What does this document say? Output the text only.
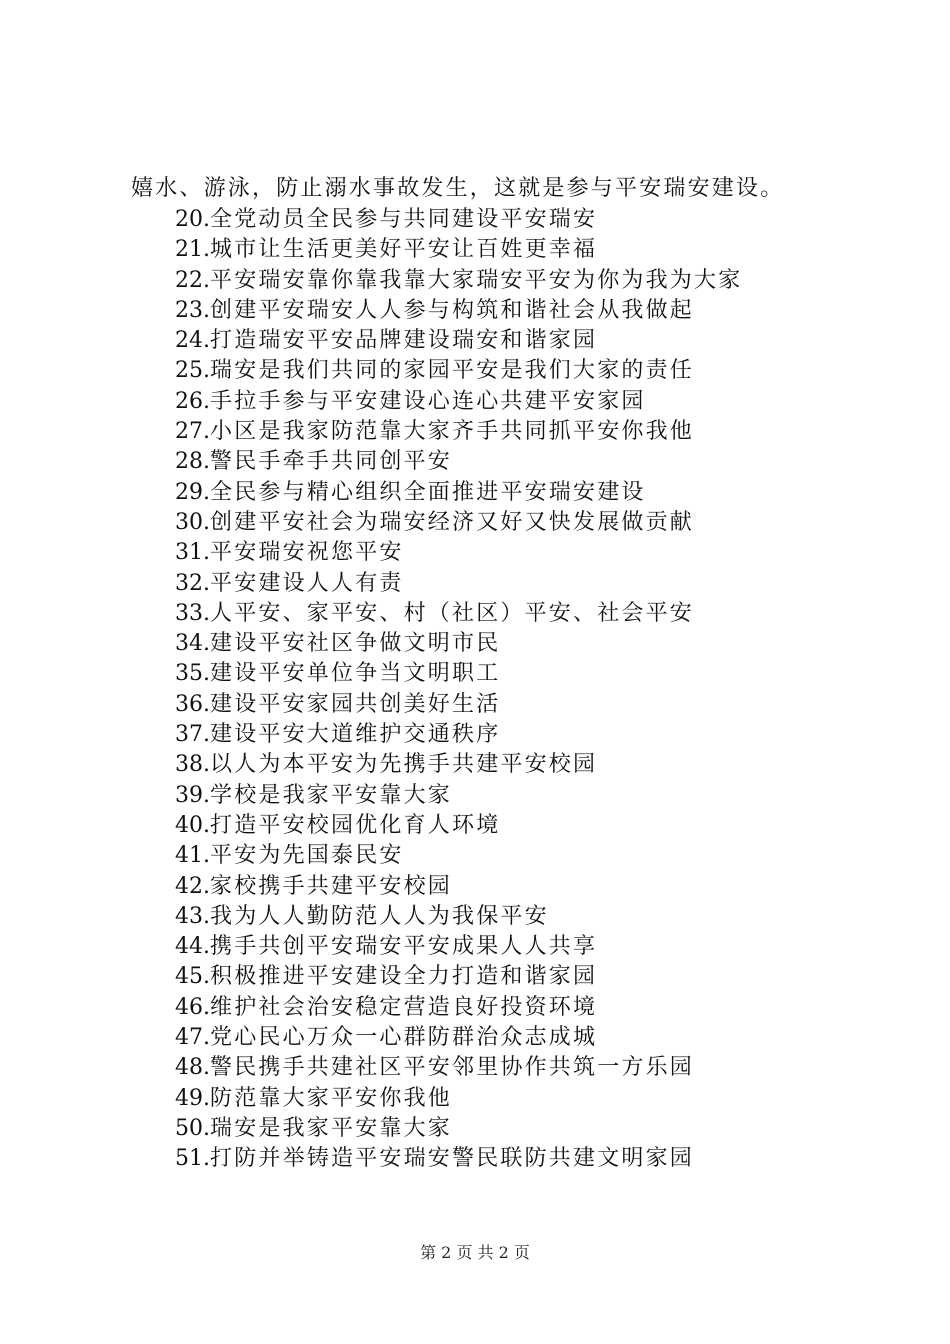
嬉水、游泳，防止溺水事故发生，这就是参与平安瑞安建设。
20.全党动员全民参与共同建设平安瑞安
21.城市让生活更美好平安让百姓更幸福
22.平安瑞安靠你靠我靠大家瑞安平安为你为我为大家
23.创建平安瑞安人人参与构筑和谐社会从我做起
24.打造瑞安平安品牌建设瑞安和谐家园
25.瑞安是我们共同的家园平安是我们大家的责任
26.手拉手参与平安建设心连心共建平安家园
27.小区是我家防范靠大家齐手共同抓平安你我他
28.警民手牵手共同创平安
29.全民参与精心组织全面推进平安瑞安建设
30.创建平安社会为瑞安经济又好又快发展做贡献
31.平安瑞安祝您平安
32.平安建设人人有责
33.人平安、家平安、村（社区）平安、社会平安
34.建设平安社区争做文明市民
35.建设平安单位争当文明职工
36.建设平安家园共创美好生活
37.建设平安大道维护交通秩序
38.以人为本平安为先携手共建平安校园
39.学校是我家平安靠大家
40.打造平安校园优化育人环境
41.平安为先国泰民安
42.家校携手共建平安校园
43.我为人人勤防范人人为我保平安
44.携手共创平安瑞安平安成果人人共享
45.积极推进平安建设全力打造和谐家园
46.维护社会治安稳定营造良好投资环境
47.党心民心万众一心群防群治众志成城
48.警民携手共建社区平安邻里协作共筑一方乐园
49.防范靠大家平安你我他
50.瑞安是我家平安靠大家
51.打防并举铸造平安瑞安警民联防共建文明家园
第 2 页 共 2 页
